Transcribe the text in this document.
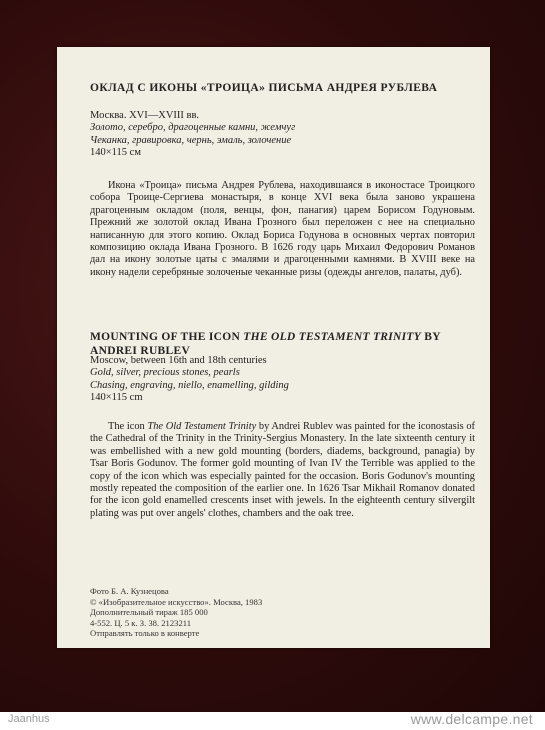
ОКЛАД С ИКОНЫ «ТРОИЦА» ПИСЬМА АНДРЕЯ РУБЛЕВА
Москва. XVI—XVIII вв.
Золото, серебро, драгоценные камни, жемчуг
Чеканка, гравировка, чернь, эмаль, золочение
140×115 см

Икона «Троица» письма Андрея Рублева, находившаяся в иконостасе Троицкого собора Троице-Сергиева монастыря, в конце XVI века была заново украшена драгоценным окладом (поля, венцы, фон, панагия) царем Борисом Годуновым. Прежний же золотой оклад Ивана Грозного был переложен с нее на специально написанную для этого копию. Оклад Бориса Годунова в основных чертах повторил композицию оклада Ивана Грозного. В 1626 году царь Михаил Федорович Романов дал на икону золотые цаты с эмалями и драгоценными камнями. В XVIII веке на икону надели серебряные золоченые чеканные ризы (одежды ангелов, палаты, дуб).

MOUNTING OF THE ICON THE OLD TESTAMENT TRINITY BY ANDREI RUBLEV
Moscow, between 16th and 18th centuries
Gold, silver, precious stones, pearls
Chasing, engraving, niello, enamelling, gilding
140×115 cm

The icon The Old Testament Trinity by Andrei Rublev was painted for the iconostasis of the Cathedral of the Trinity in the Trinity-Sergius Monastery. In the late sixteenth century it was embellished with a new gold mounting (borders, diadems, background, panagia) by Tsar Boris Godunov. The former gold mounting of Ivan IV the Terrible was applied to the copy of the icon which was especially painted for the occasion. Boris Godunov's mounting mostly repeated the composition of the earlier one. In 1626 Tsar Mikhail Romanov donated for the icon gold enamelled crescents inset with jewels. In the eighteenth century silvergilt plating was put over angels' clothes, chambers and the oak tree.

Фото Б. А. Кузнецова
© «Изобразительное искусство». Москва, 1983
Дополнительный тираж 185 000
4-552. Ц. 5 к. З. 38. 2123211
Отправлять только в конверте
Jaanhus	www.delcampe.net
